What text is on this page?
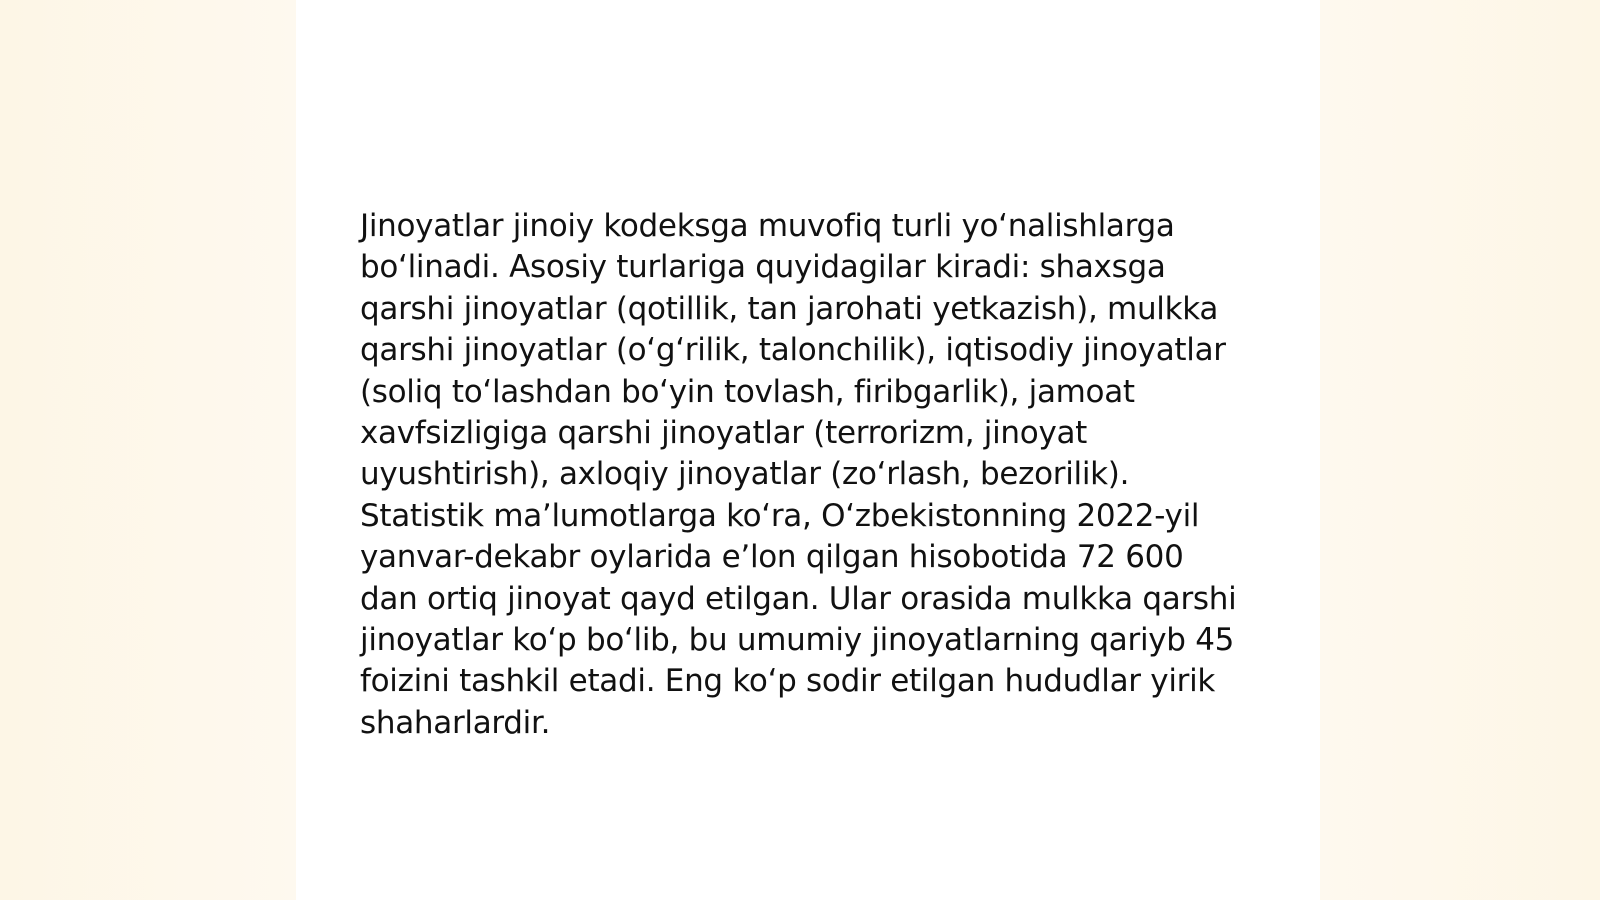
Jinoyatlar jinoiy kodeksga muvofiq turli yoʻnalishlarga boʻlinadi. Asosiy turlariga quyidagilar kiradi: shaxsga qarshi jinoyatlar (qotillik, tan jarohati yetkazish), mulkka qarshi jinoyatlar (oʻgʻrilik, talonchilik), iqtisodiy jinoyatlar (soliq toʻlashdan boʻyin tovlash, firibgarlik), jamoat xavfsizligiga qarshi jinoyatlar (terrorizm, jinoyat uyushtirish), axloqiy jinoyatlar (zoʻrlash, bezorilik). Statistik maʼlumotlarga koʻra, Oʻzbekistonning 2022-yil yanvar-dekabr oylarida eʼlon qilgan hisobotida 72 600 dan ortiq jinoyat qayd etilgan. Ular orasida mulkka qarshi jinoyatlar koʻp boʻlib, bu umumiy jinoyatlarning qariyb 45 foizini tashkil etadi. Eng koʻp sodir etilgan hududlar yirik shaharlardir.
